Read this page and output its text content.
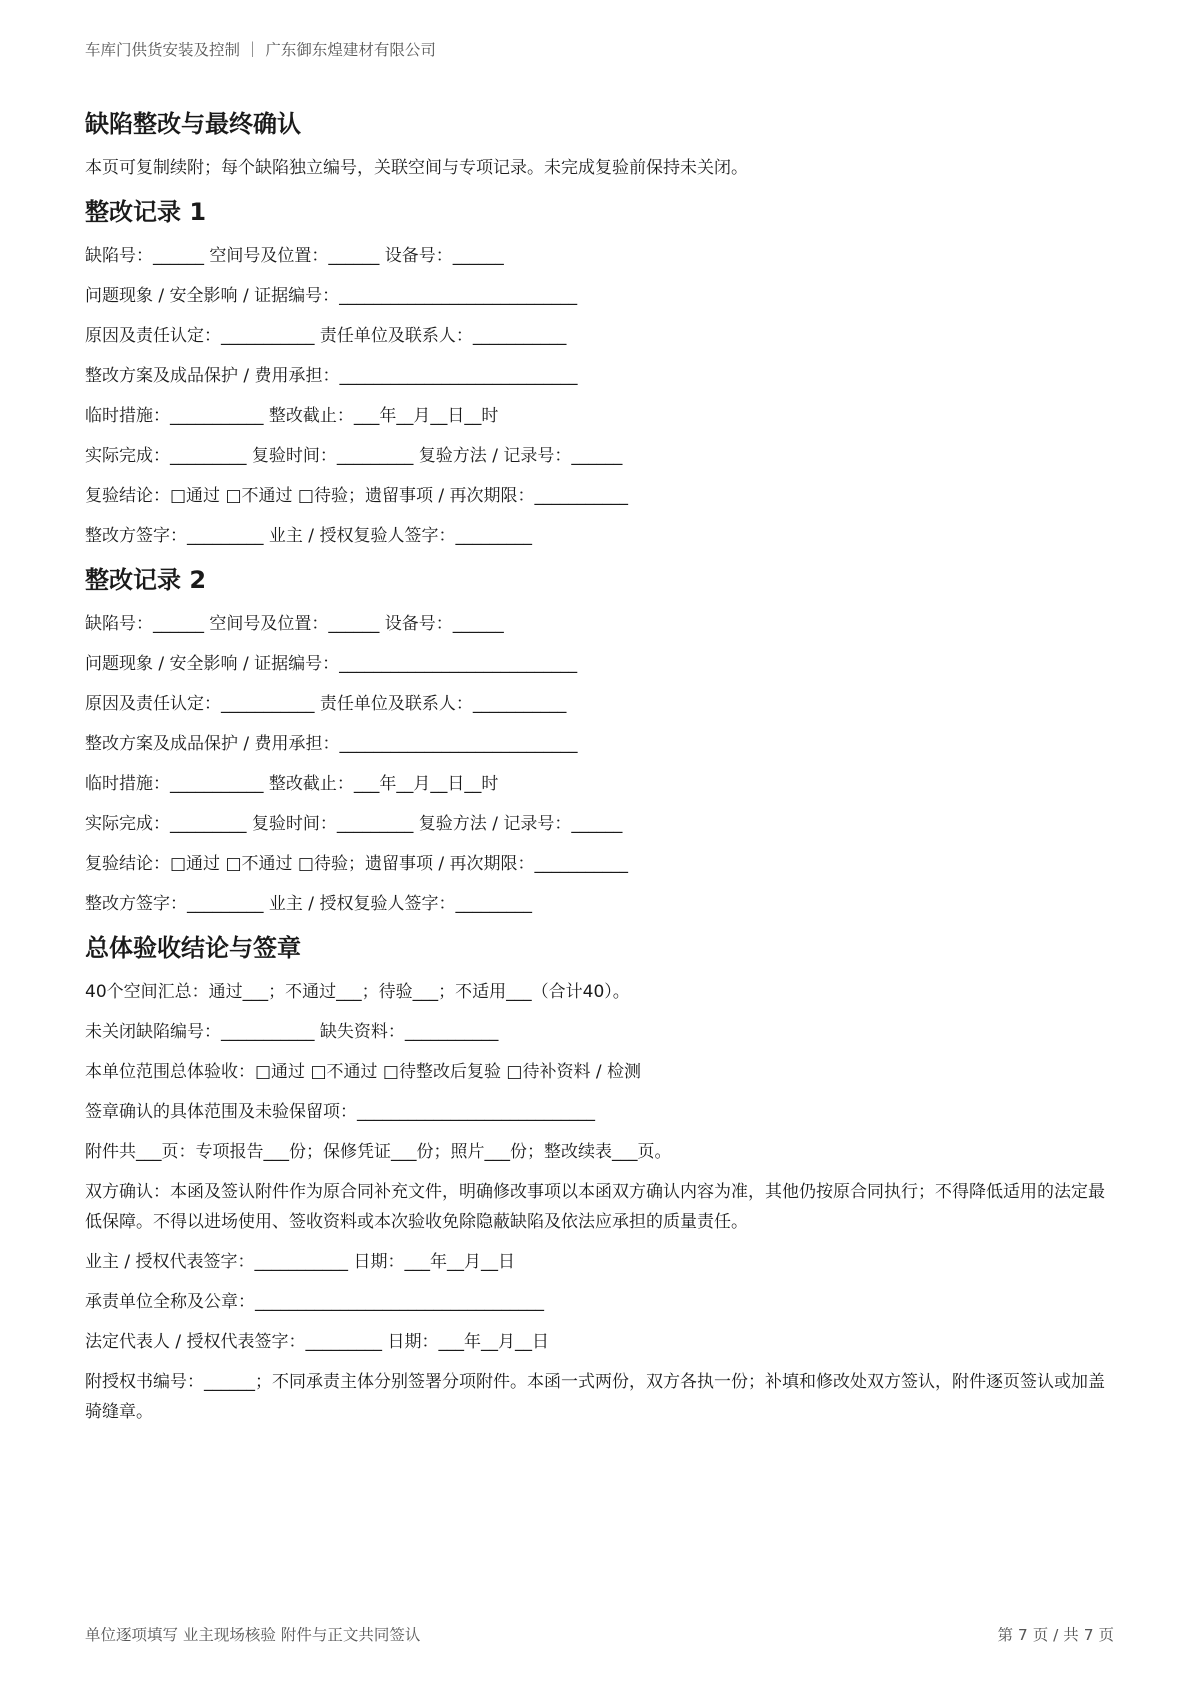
车库门供货安装及控制 ｜ 广东御东煌建材有限公司
缺陷整改与最终确认
本页可复制续附；每个缺陷独立编号，关联空间与专项记录。未完成复验前保持未关闭。
整改记录 1
缺陷号：______ 空间号及位置：______ 设备号：______
问题现象 / 安全影响 / 证据编号：____________________________
原因及责任认定：___________ 责任单位及联系人：___________
整改方案及成品保护 / 费用承担：____________________________
临时措施：___________ 整改截止：___年__月__日__时
实际完成：_________ 复验时间：_________ 复验方法 / 记录号：______
复验结论：□通过 □不通过 □待验；遗留事项 / 再次期限：___________
整改方签字：_________ 业主 / 授权复验人签字：_________
整改记录 2
缺陷号：______ 空间号及位置：______ 设备号：______
问题现象 / 安全影响 / 证据编号：____________________________
原因及责任认定：___________ 责任单位及联系人：___________
整改方案及成品保护 / 费用承担：____________________________
临时措施：___________ 整改截止：___年__月__日__时
实际完成：_________ 复验时间：_________ 复验方法 / 记录号：______
复验结论：□通过 □不通过 □待验；遗留事项 / 再次期限：___________
整改方签字：_________ 业主 / 授权复验人签字：_________
总体验收结论与签章
40个空间汇总：通过___；不通过___；待验___；不适用___（合计40）。
未关闭缺陷编号：___________ 缺失资料：___________
本单位范围总体验收：□通过 □不通过 □待整改后复验 □待补资料 / 检测
签章确认的具体范围及未验保留项：____________________________
附件共___页：专项报告___份；保修凭证___份；照片___份；整改续表___页。
双方确认：本函及签认附件作为原合同补充文件，明确修改事项以本函双方确认内容为准，其他仍按原合同执行；不得降低适用的法定最低保障。不得以进场使用、签收资料或本次验收免除隐蔽缺陷及依法应承担的质量责任。
业主 / 授权代表签字：___________ 日期：___年__月__日
承责单位全称及公章：__________________________________
法定代表人 / 授权代表签字：_________ 日期：___年__月__日
附授权书编号：______；不同承责主体分别签署分项附件。本函一式两份，双方各执一份；补填和修改处双方签认，附件逐页签认或加盖骑缝章。
单位逐项填写 业主现场核验 附件与正文共同签认	第 7 页 / 共 7 页
